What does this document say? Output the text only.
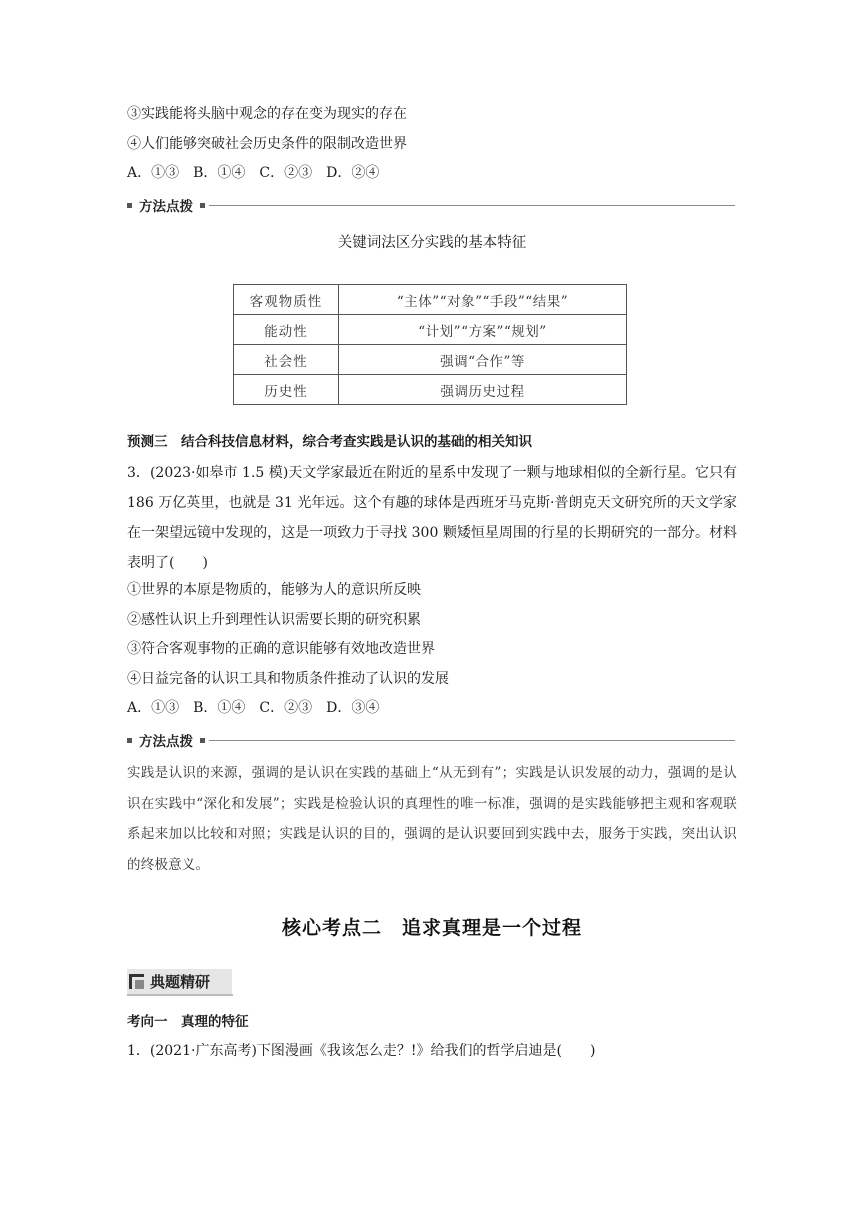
③实践能将头脑中观念的存在变为现实的存在
④人们能够突破社会历史条件的限制改造世界
A．①③　B．①④　C．②③　D．②④
方法点拨
关键词法区分实践的基本特征
客观物质性	“主体”“对象”“手段”“结果”
能动性	“计划”“方案”“规划”
社会性	强调“合作”等
历史性	强调历史过程
预测三　结合科技信息材料，综合考查实践是认识的基础的相关知识
3．(2023·如皋市 1.5 模)天文学家最近在附近的星系中发现了一颗与地球相似的全新行星。它只有 186 万亿英里，也就是 31 光年远。这个有趣的球体是西班牙马克斯·普朗克天文研究所的天文学家在一架望远镜中发现的，这是一项致力于寻找 300 颗矮恒星周围的行星的长期研究的一部分。材料表明了(　　)
①世界的本原是物质的，能够为人的意识所反映
②感性认识上升到理性认识需要长期的研究积累
③符合客观事物的正确的意识能够有效地改造世界
④日益完备的认识工具和物质条件推动了认识的发展
A．①③　B．①④　C．②③　D．③④
方法点拨
实践是认识的来源，强调的是认识在实践的基础上“从无到有”；实践是认识发展的动力，强调的是认识在实践中“深化和发展”；实践是检验认识的真理性的唯一标准，强调的是实践能够把主观和客观联系起来加以比较和对照；实践是认识的目的，强调的是认识要回到实践中去，服务于实践，突出认识的终极意义。
核心考点二　追求真理是一个过程
典题精研
考向一　真理的特征
1．(2021·广东高考)下图漫画《我该怎么走？!》给我们的哲学启迪是(　　)
